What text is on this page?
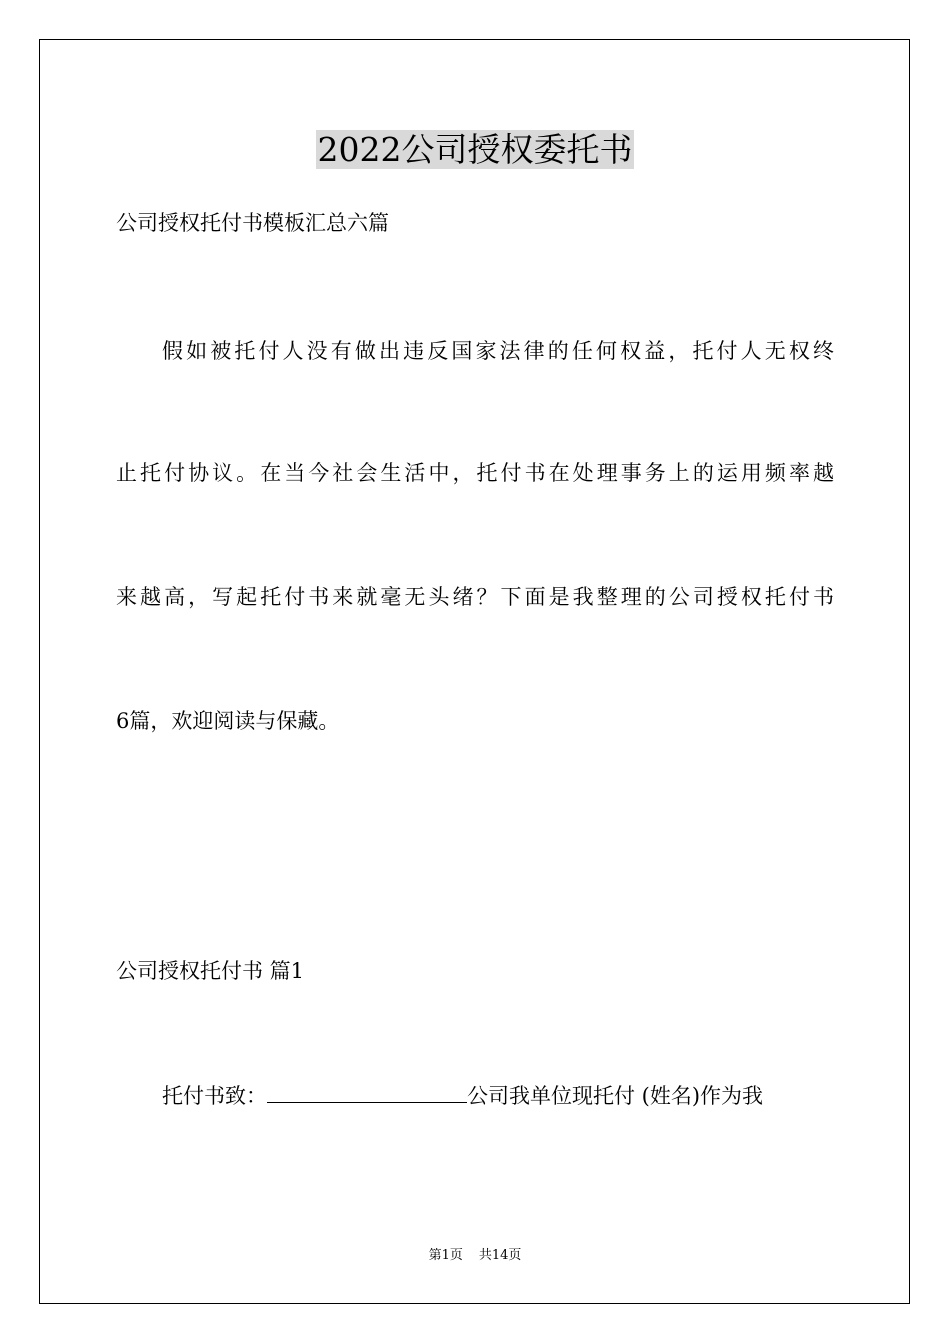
2022公司授权委托书

公司授权托付书模板汇总六篇

假如被托付人没有做出违反国家法律的任何权益，托付人无权终

止托付协议。在当今社会生活中，托付书在处理事务上的运用频率越

来越高，写起托付书来就毫无头绪？下面是我整理的公司授权托付书

6篇，欢迎阅读与保藏。

公司授权托付书 篇1

托付书致：	公司我单位现托付 (姓名)作为我

第1页 共14页
